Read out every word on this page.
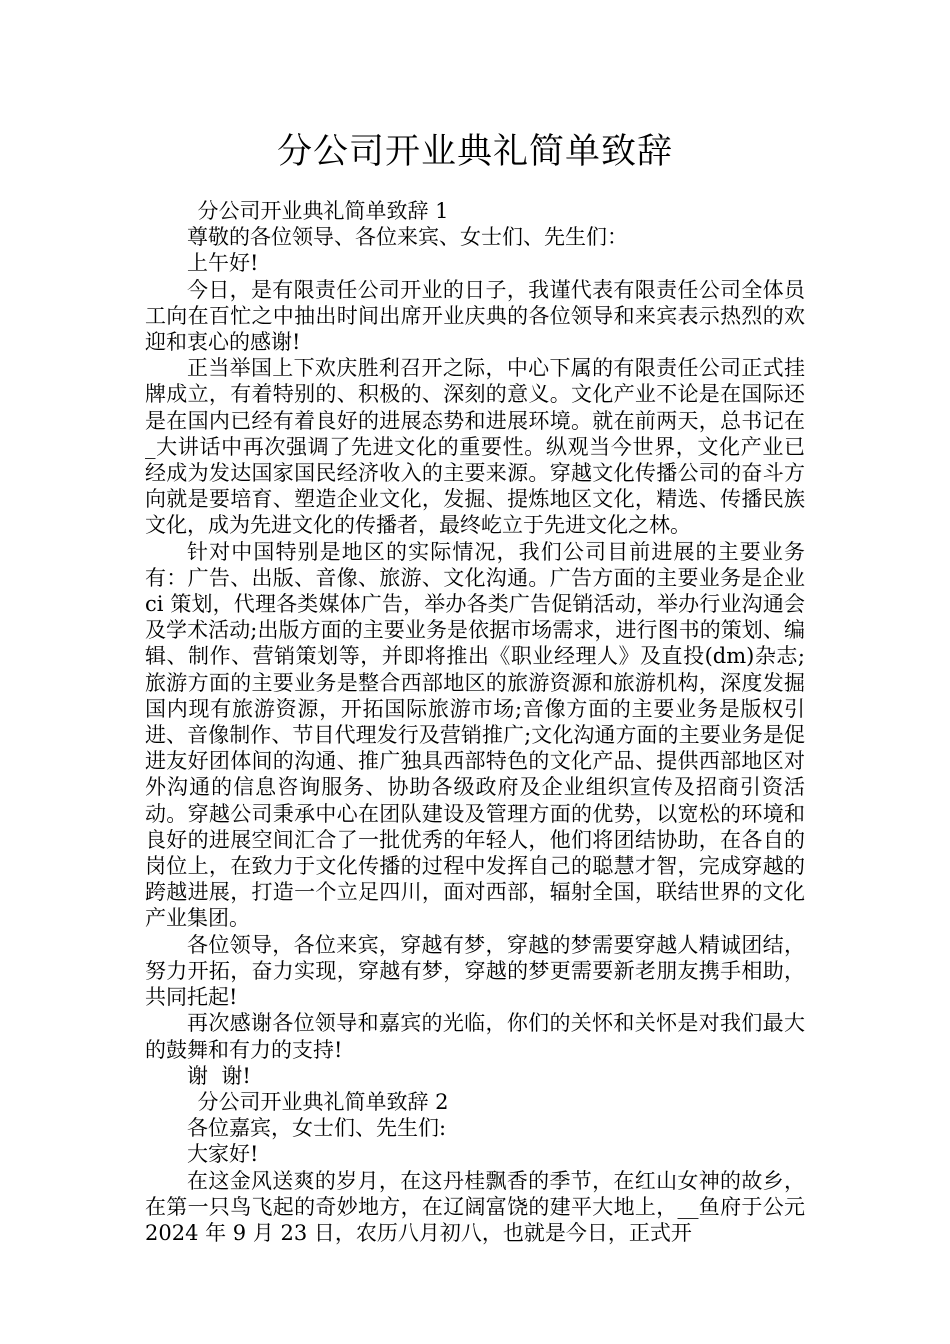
分公司开业典礼简单致辞
分公司开业典礼简单致辞 1
尊敬的各位领导、各位来宾、女士们、先生们：
上午好!
今日，是有限责任公司开业的日子，我谨代表有限责任公司全体员工向在百忙之中抽出时间出席开业庆典的各位领导和来宾表示热烈的欢迎和衷心的感谢!
正当举国上下欢庆胜利召开之际，中心下属的有限责任公司正式挂牌成立，有着特别的、积极的、深刻的意义。文化产业不论是在国际还是在国内已经有着良好的进展态势和进展环境。就在前两天，总书记在_大讲话中再次强调了先进文化的重要性。纵观当今世界，文化产业已经成为发达国家国民经济收入的主要来源。穿越文化传播公司的奋斗方向就是要培育、塑造企业文化，发掘、提炼地区文化，精选、传播民族文化，成为先进文化的传播者，最终屹立于先进文化之林。
针对中国特别是地区的实际情况，我们公司目前进展的主要业务有：广告、出版、音像、旅游、文化沟通。广告方面的主要业务是企业 ci 策划，代理各类媒体广告，举办各类广告促销活动，举办行业沟通会及学术活动;出版方面的主要业务是依据市场需求，进行图书的策划、编辑、制作、营销策划等，并即将推出《职业经理人》及直投(dm)杂志;旅游方面的主要业务是整合西部地区的旅游资源和旅游机构，深度发掘国内现有旅游资源，开拓国际旅游市场;音像方面的主要业务是版权引进、音像制作、节目代理发行及营销推广;文化沟通方面的主要业务是促进友好团体间的沟通、推广独具西部特色的文化产品、提供西部地区对外沟通的信息咨询服务、协助各级政府及企业组织宣传及招商引资活动。穿越公司秉承中心在团队建设及管理方面的优势，以宽松的环境和良好的进展空间汇合了一批优秀的年轻人，他们将团结协助，在各自的岗位上，在致力于文化传播的过程中发挥自己的聪慧才智，完成穿越的跨越进展，打造一个立足四川，面对西部，辐射全国，联结世界的文化产业集团。
各位领导，各位来宾，穿越有梦，穿越的梦需要穿越人精诚团结，努力开拓，奋力实现，穿越有梦，穿越的梦更需要新老朋友携手相助，共同托起!
再次感谢各位领导和嘉宾的光临，你们的关怀和关怀是对我们最大的鼓舞和有力的支持!
谢  谢!
分公司开业典礼简单致辞 2
各位嘉宾，女士们、先生们:
大家好!
在这金风送爽的岁月，在这丹桂飘香的季节，在红山女神的故乡，在第一只鸟飞起的奇妙地方，在辽阔富饶的建平大地上，__鱼府于公元 2024 年 9 月 23 日，农历八月初八，也就是今日，正式开
